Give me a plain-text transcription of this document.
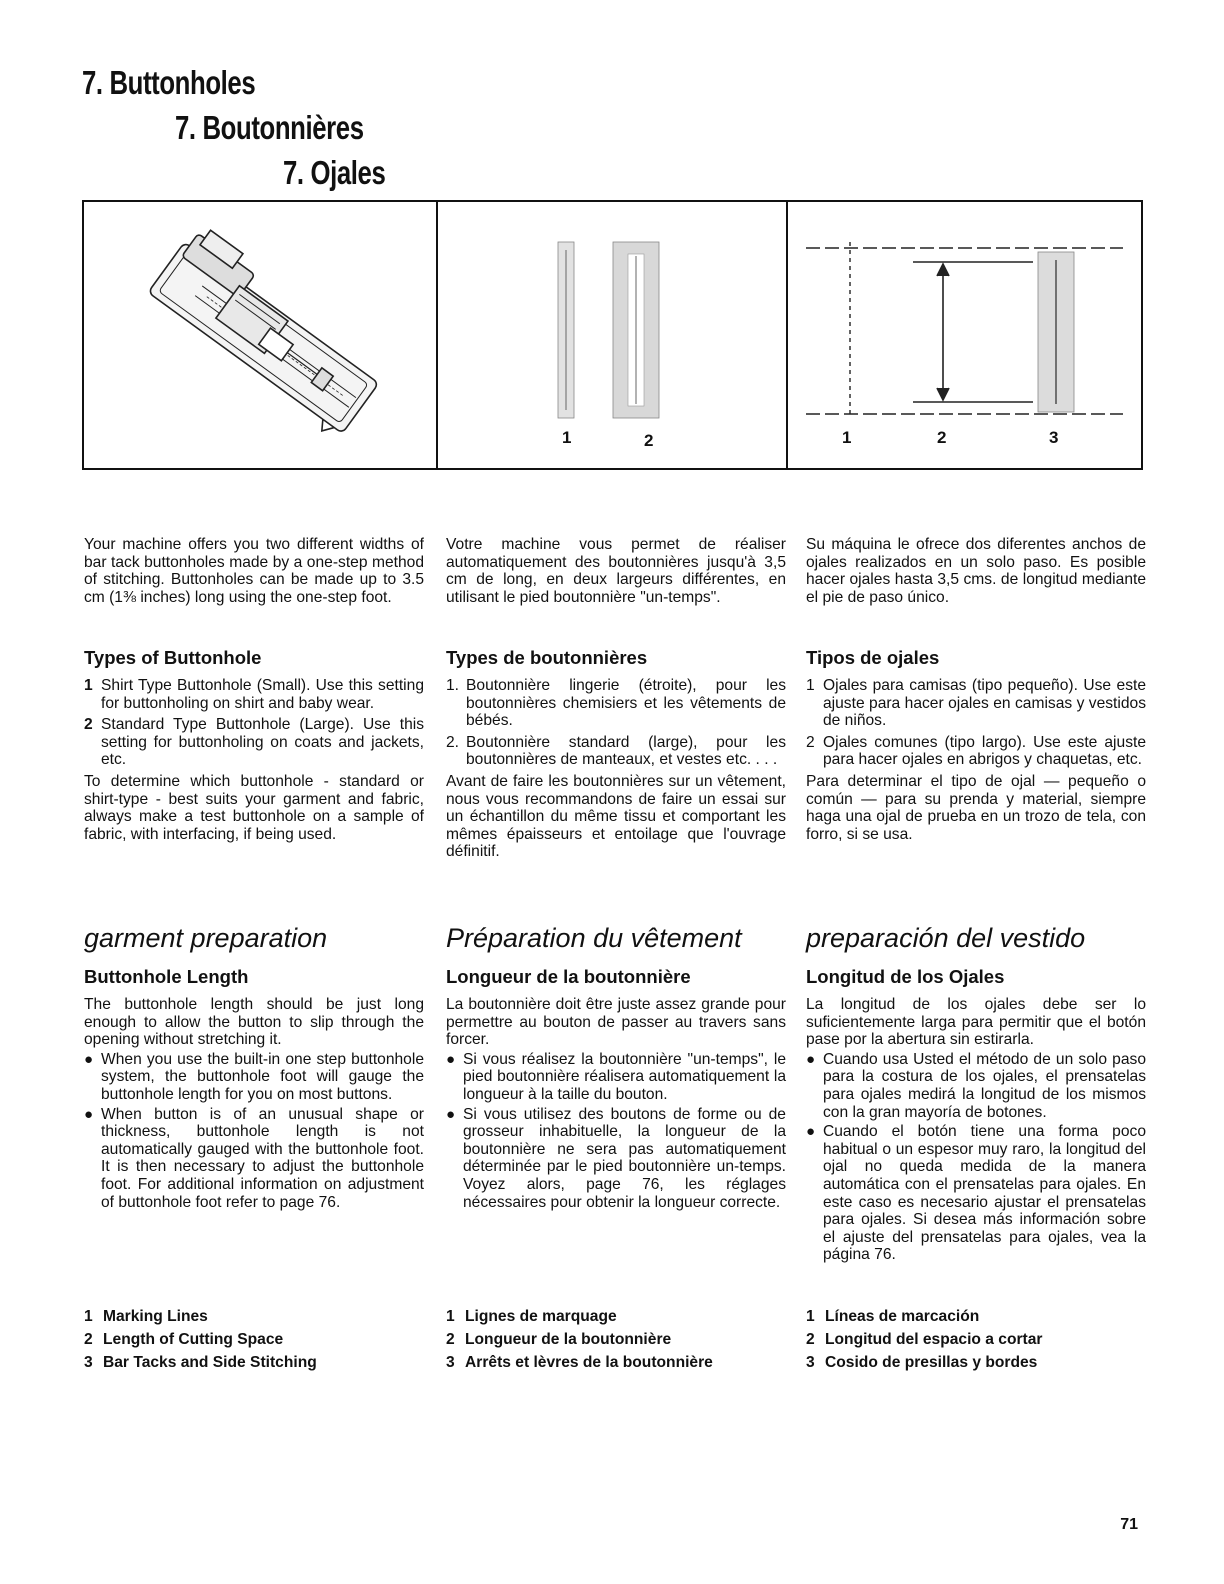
7. Buttonholes
7. Boutonnières
7. Ojales
1	2	1	2	3

Your machine offers you two different widths of bar tack buttonholes made by a one-step method of stitching. Buttonholes can be made up to 3.5 cm (1⅜ inches) long using the one-step foot.

Votre machine vous permet de réaliser automatiquement des boutonnières jusqu'à 3,5 cm de long, en deux largeurs différentes, en utilisant le pied boutonnière "un-temps".

Su máquina le ofrece dos diferentes anchos de ojales realizados en un solo paso. Es posible hacer ojales hasta 3,5 cms. de longitud mediante el pie de paso único.

Types of Buttonhole
1 Shirt Type Buttonhole (Small). Use this setting for buttonholing on shirt and baby wear.
2 Standard Type Buttonhole (Large). Use this setting for buttonholing on coats and jackets, etc.

To determine which buttonhole - standard or shirt-type - best suits your garment and fabric, always make a test buttonhole on a sample of fabric, with interfacing, if being used.

Types de boutonnières
1. Boutonnière lingerie (étroite), pour les boutonnières chemisiers et les vêtements de bébés.
2. Boutonnière standard (large), pour les boutonnières de manteaux, et vestes etc. . . .

Avant de faire les boutonnières sur un vêtement, nous vous recommandons de faire un essai sur un échantillon du même tissu et comportant les mêmes épaisseurs et entoilage que l'ouvrage définitif.

Tipos de ojales
1 Ojales para camisas (tipo pequeño). Use este ajuste para hacer ojales en camisas y vestidos de niños.
2 Ojales comunes (tipo largo). Use este ajuste para hacer ojales en abrigos y chaquetas, etc.

Para determinar el tipo de ojal — pequeño o común — para su prenda y material, siempre haga una ojal de prueba en un trozo de tela, con forro, si se usa.

garment preparation
Buttonhole Length

The buttonhole length should be just long enough to allow the button to slip through the opening without stretching it.

● When you use the built-in one step buttonhole system, the buttonhole foot will gauge the buttonhole length for you on most buttons.
● When button is of an unusual shape or thickness, buttonhole length is not automatically gauged with the buttonhole foot. It is then necessary to adjust the buttonhole foot. For additional information on adjustment of buttonhole foot refer to page 76.
Préparation du vêtement
Longueur de la boutonnière

La boutonnière doit être juste assez grande pour permettre au bouton de passer au travers sans forcer.

● Si vous réalisez la boutonnière "un-temps", le pied boutonnière réalisera automatiquement la longueur à la taille du bouton.
● Si vous utilisez des boutons de forme ou de grosseur inhabituelle, la longueur de la boutonnière ne sera pas automatiquement déterminée par le pied boutonnière un-temps. Voyez alors, page 76, les réglages nécessaires pour obtenir la longueur correcte.
preparación del vestido
Longitud de los Ojales

La longitud de los ojales debe ser lo suficientemente larga para permitir que el botón pase por la abertura sin estirarla.

● Cuando usa Usted el método de un solo paso para la costura de los ojales, el prensatelas para ojales medirá la longitud de los mismos con la gran mayoría de botones.
● Cuando el botón tiene una forma poco habitual o un espesor muy raro, la longitud del ojal no queda medida de la manera automática con el prensatelas para ojales. En este caso es necesario ajustar el prensatelas para ojales. Si desea más información sobre el ajuste del prensatelas para ojales, vea la página 76.
1 Marking Lines
2 Length of Cutting Space
3 Bar Tacks and Side Stitching
1 Lignes de marquage
2 Longueur de la boutonnière
3 Arrêts et lèvres de la boutonnière
1 Líneas de marcación
2 Longitud del espacio a cortar
3 Cosido de presillas y bordes
71
